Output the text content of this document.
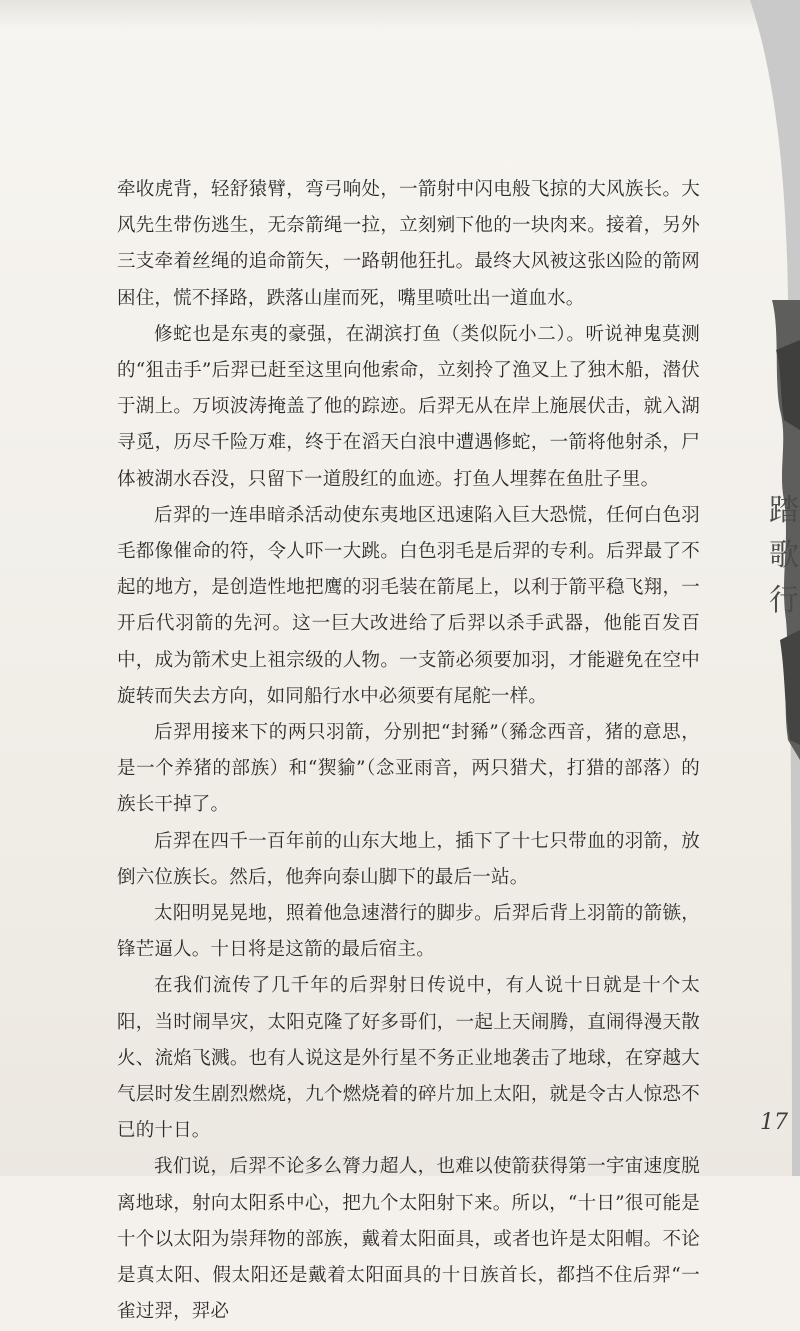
踏
歌
行

牵收虎背，轻舒猿臂，弯弓响处，一箭射中闪电般飞掠的大风族长。大风先生带伤逃生，无奈箭绳一拉，立刻剜下他的一块肉来。接着，另外三支牵着丝绳的追命箭矢，一路朝他狂扎。最终大风被这张凶险的箭网困住，慌不择路，跌落山崖而死，嘴里喷吐出一道血水。

修蛇也是东夷的豪强，在湖滨打鱼（类似阮小二）。听说神鬼莫测的“狙击手”后羿已赶至这里向他索命，立刻拎了渔叉上了独木船，潜伏于湖上。万顷波涛掩盖了他的踪迹。后羿无从在岸上施展伏击，就入湖寻觅，历尽千险万难，终于在滔天白浪中遭遇修蛇，一箭将他射杀，尸体被湖水吞没，只留下一道殷红的血迹。打鱼人埋葬在鱼肚子里。

后羿的一连串暗杀活动使东夷地区迅速陷入巨大恐慌，任何白色羽毛都像催命的符，令人吓一大跳。白色羽毛是后羿的专利。后羿最了不起的地方，是创造性地把鹰的羽毛装在箭尾上，以利于箭平稳飞翔，一开后代羽箭的先河。这一巨大改进给了后羿以杀手武器，他能百发百中，成为箭术史上祖宗级的人物。一支箭必须要加羽，才能避免在空中旋转而失去方向，如同船行水中必须要有尾舵一样。

后羿用接来下的两只羽箭，分别把“封豨”（豨念西音，猪的意思，是一个养猪的部族）和“猰貐”（念亚雨音，两只猎犬，打猎的部落）的族长干掉了。

后羿在四千一百年前的山东大地上，插下了十七只带血的羽箭，放倒六位族长。然后，他奔向泰山脚下的最后一站。

太阳明晃晃地，照着他急速潜行的脚步。后羿后背上羽箭的箭镞，锋芒逼人。十日将是这箭的最后宿主。

在我们流传了几千年的后羿射日传说中，有人说十日就是十个太阳，当时闹旱灾，太阳克隆了好多哥们，一起上天闹腾，直闹得漫天散火、流焰飞溅。也有人说这是外行星不务正业地袭击了地球，在穿越大气层时发生剧烈燃烧，九个燃烧着的碎片加上太阳，就是令古人惊恐不已的十日。

我们说，后羿不论多么膂力超人，也难以使箭获得第一宇宙速度脱离地球，射向太阳系中心，把九个太阳射下来。所以，“十日”很可能是十个以太阳为崇拜物的部族，戴着太阳面具，或者也许是太阳帽。不论是真太阳、假太阳还是戴着太阳面具的十日族首长，都挡不住后羿“一雀过羿，羿必

17
